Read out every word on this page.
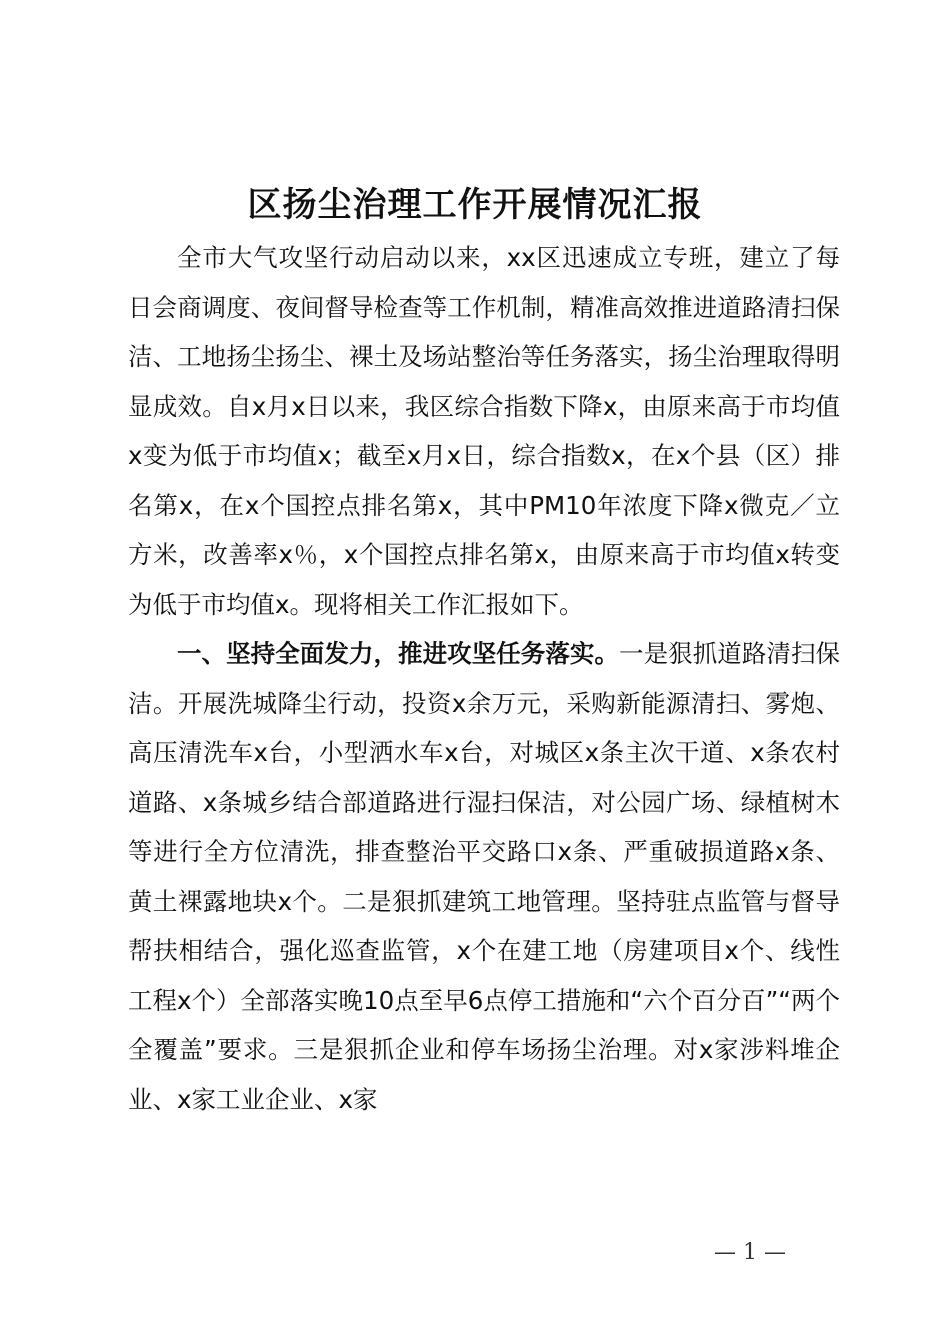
区扬尘治理工作开展情况汇报

全市大气攻坚行动启动以来，xx区迅速成立专班，建立了每日会商调度、夜间督导检查等工作机制，精准高效推进道路清扫保洁、工地扬尘扬尘、裸土及场站整治等任务落实，扬尘治理取得明显成效。自x月x日以来，我区综合指数下降x，由原来高于市均值x变为低于市均值x；截至x月x日，综合指数x，在x个县（区）排名第x，在x个国控点排名第x，其中PM10年浓度下降x微克／立方米，改善率x％，x个国控点排名第x，由原来高于市均值x转变为低于市均值x。现将相关工作汇报如下。

一、坚持全面发力，推进攻坚任务落实。一是狠抓道路清扫保洁。开展洗城降尘行动，投资x余万元，采购新能源清扫、雾炮、高压清洗车x台，小型洒水车x台，对城区x条主次干道、x条农村道路、x条城乡结合部道路进行湿扫保洁，对公园广场、绿植树木等进行全方位清洗，排查整治平交路口x条、严重破损道路x条、黄土裸露地块x个。二是狠抓建筑工地管理。坚持驻点监管与督导帮扶相结合，强化巡查监管，x个在建工地（房建项目x个、线性工程x个）全部落实晚10点至早6点停工措施和“六个百分百”“两个全覆盖”要求。三是狠抓企业和停车场扬尘治理。对x家涉料堆企业、x家工业企业、x家

— 1 —
